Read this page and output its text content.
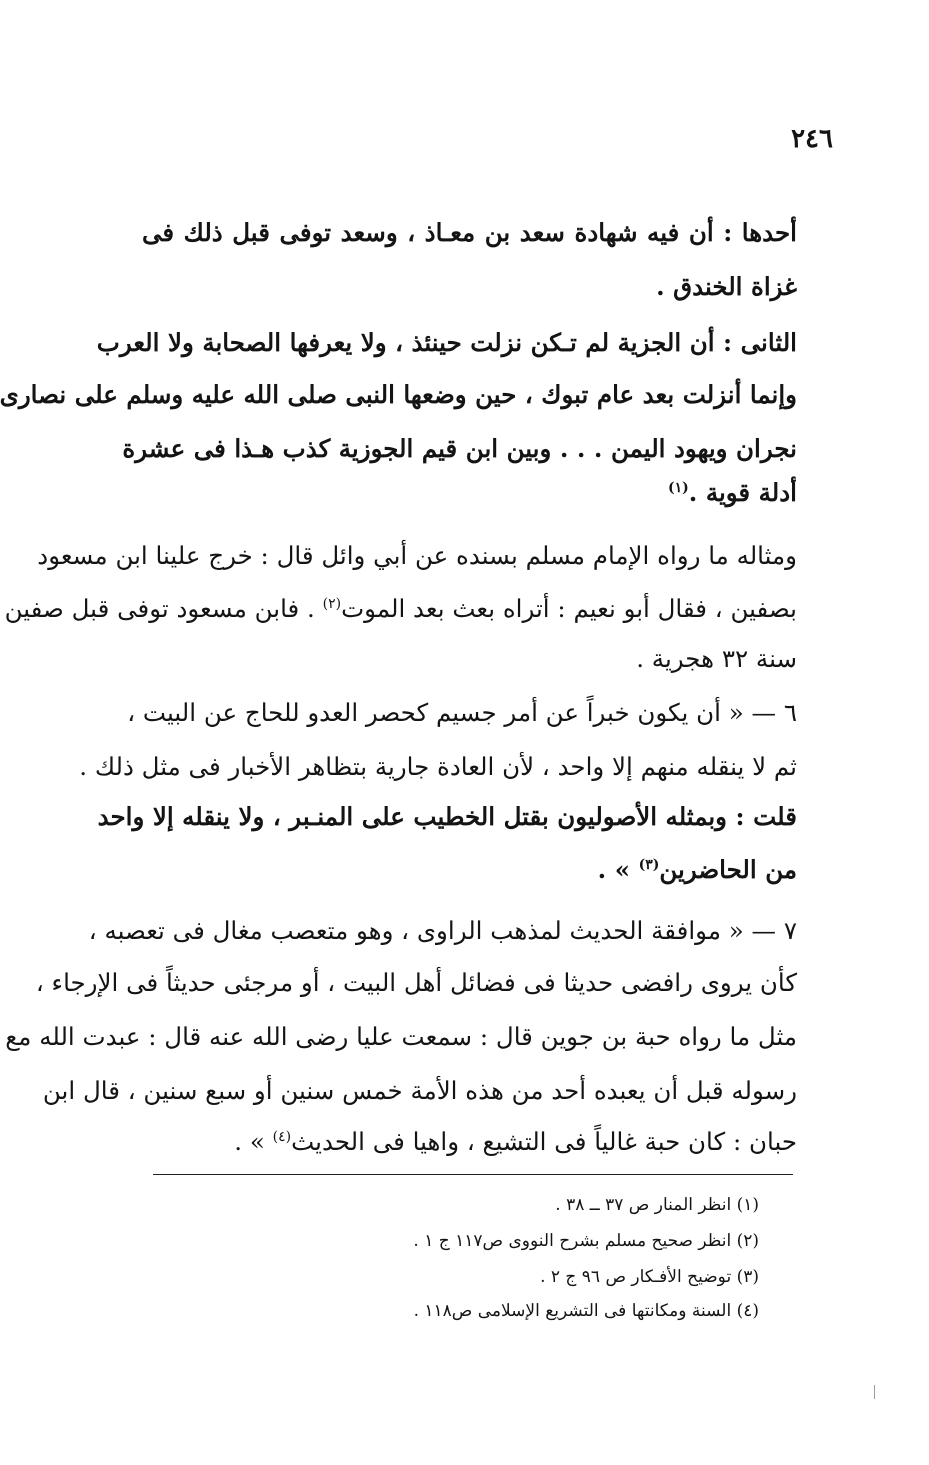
٢٤٦
أحدها : أن فيه شهادة سعد بن معـاذ ، وسعد توفى قبل ذلك فى
غزاة الخندق .
الثانى : أن الجزية لم تـكن نزلت حينئذ ، ولا يعرفها الصحابة ولا العرب
وإنما أنزلت بعد عام تبوك ، حين وضعها النبى صلى الله عليه وسلم على نصارى
نجران ويهود اليمن . . . وبين ابن قيم الجوزية كذب هـذا فى عشرة
أدلة قوية .$^{(١)}$
ومثاله ما رواه الإمام مسلم بسنده عن أبي وائل قال : خرج علينا ابن مسعود
بصفين ، فقال أبو نعيم : أتراه بعث بعد الموت$^{(٢)}$ . فابن مسعود توفى قبل صفين
سنة ٣٢ هجرية .
٦ — « أن يكون خبراً عن أمر جسيم كحصر العدو للحاج عن البيت ،
ثم لا ينقله منهم إلا واحد ، لأن العادة جارية بتظاهر الأخبار فى مثل ذلك .
قلت : وبمثله الأصوليون بقتل الخطيب على المنـبر ، ولا ينقله إلا واحد
من الحاضرين$^{(٣)}$ » .
٧ — « موافقة الحديث لمذهب الراوى ، وهو متعصب مغال فى تعصبه ،
كأن يروى رافضى حديثا فى فضائل أهل البيت ، أو مرجئى حديثاً فى الإرجاء ،
مثل ما رواه حبة بن جوين قال : سمعت عليا رضى الله عنه قال : عبدت الله مع
رسوله قبل أن يعبده أحد من هذه الأمة خمس سنين أو سبع سنين ، قال ابن
حبان : كان حبة غالياً فى التشيع ، واهيا فى الحديث$^{(٤)}$ » .
(١) انظر المنار ص ٣٧ ــ ٣٨ .
(٢) انظر صحيح مسلم بشرح النووى ص١١٧ ج ١ .
(٣) توضيح الأفـكار ص ٩٦ ج ٢ .
(٤) السنة ومكانتها فى التشريع الإسلامى ص١١٨ .
